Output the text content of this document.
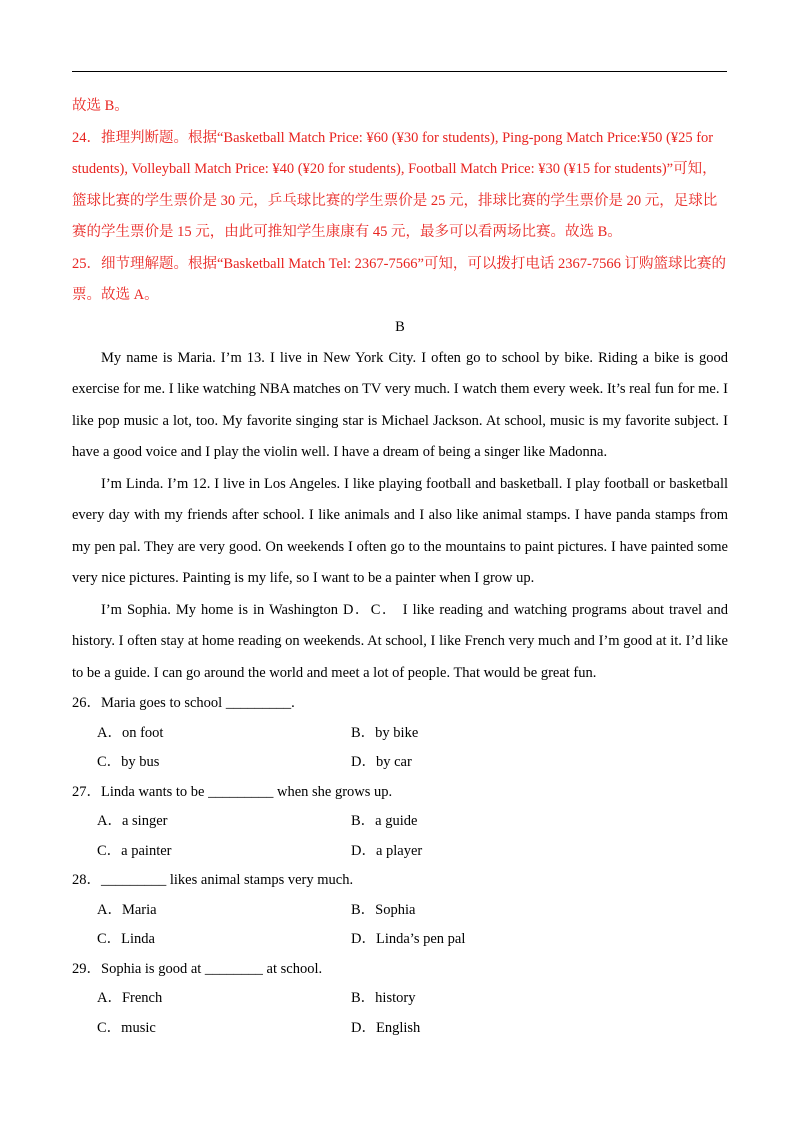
故选 B。

24．推理判断题。根据“Basketball Match Price: ¥60 (¥30 for students), Ping-pong Match Price:¥50 (¥25 for students), Volleyball Match Price: ¥40 (¥20 for students), Football Match Price: ¥30 (¥15 for students)”可知，篮球比赛的学生票价是 30 元，乒乓球比赛的学生票价是 25 元，排球比赛的学生票价是 20 元，足球比赛的学生票价是 15 元，由此可推知学生康康有 45 元，最多可以看两场比赛。故选 B。

25．细节理解题。根据“Basketball Match Tel: 2367-7566”可知，可以拨打电话 2367-7566 订购篮球比赛的票。故选 A。

B

My name is Maria. I’m 13. I live in New York City. I often go to school by bike. Riding a bike is good exercise for me. I like watching NBA matches on TV very much. I watch them every week. It’s real fun for me. I like pop music a lot, too. My favorite singing star is Michael Jackson. At school, music is my favorite subject. I have a good voice and I play the violin well. I have a dream of being a singer like Madonna.

I’m Linda. I’m 12. I live in Los Angeles. I like playing football and basketball. I play football or basketball every day with my friends after school. I like animals and I also like animal stamps. I have panda stamps from my pen pal. They are very good. On weekends I often go to the mountains to paint pictures. I have painted some very nice pictures. Painting is my life, so I want to be a painter when I grow up.

I’m Sophia. My home is in Washington D．C． I like reading and watching programs about travel and history. I often stay at home reading on weekends. At school, I like French very much and I’m good at it. I’d like to be a guide. I can go around the world and meet a lot of people. That would be great fun.

26．Maria goes to school _________.

A．on foot	B．by bike
C．by bus	D．by car

27．Linda wants to be _________ when she grows up.

A．a singer	B．a guide
C．a painter	D．a player

28．_________ likes animal stamps very much.

A．Maria	B．Sophia
C．Linda	D．Linda’s pen pal

29．Sophia is good at ________ at school.

A．French	B．history
C．music	D．English
